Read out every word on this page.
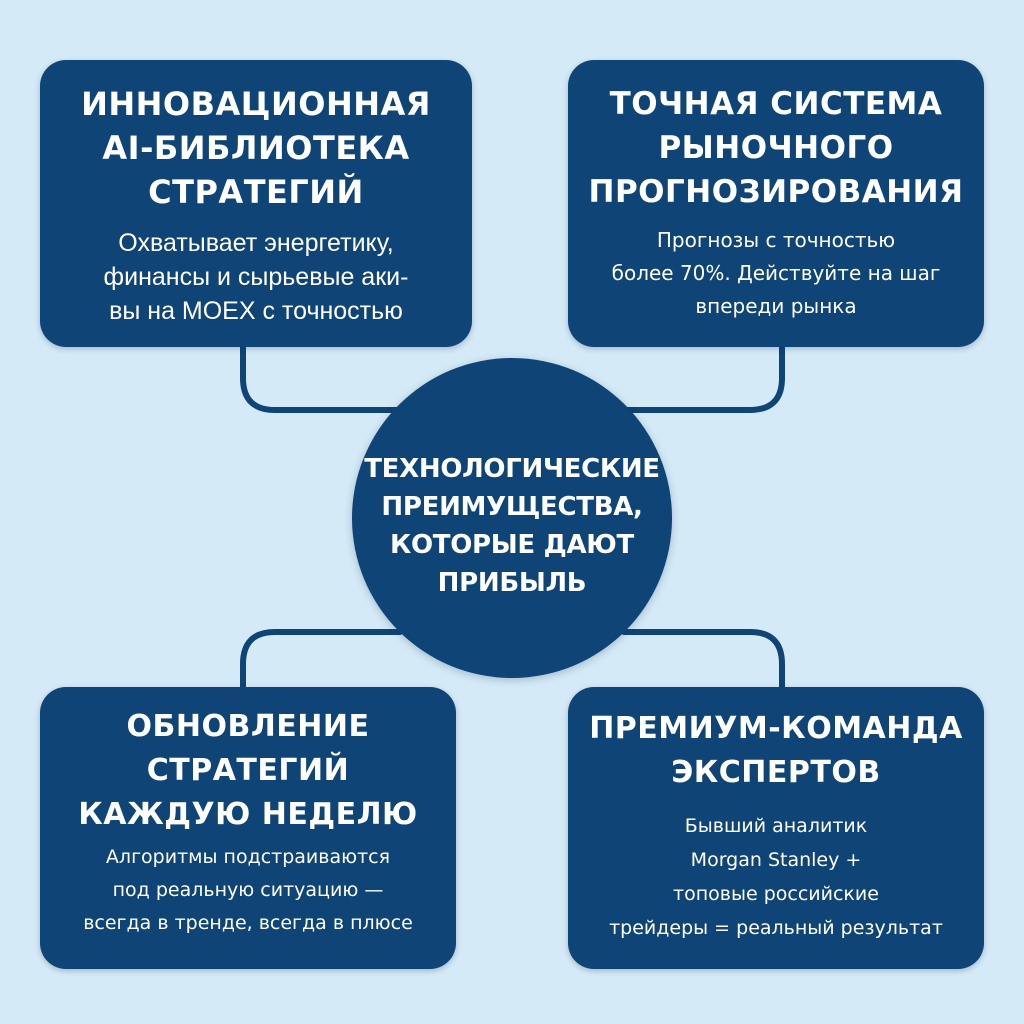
ИННОВАЦИОННАЯ
AI-БИБЛИОТЕКА
СТРАТЕГИЙ
Охватывает энергетику,
финансы и сырьевые аки-
вы на MOEX с точностью
ТОЧНАЯ СИСТЕМА
РЫНОЧНОГО
ПРОГНОЗИРОВАНИЯ
Прогнозы с точностью
более 70%. Действуйте на шаг
впереди рынка
ОБНОВЛЕНИЕ
СТРАТЕГИЙ
КАЖДУЮ НЕДЕЛЮ
Алгоритмы подстраиваются
под реальную ситуацию —
всегда в тренде, всегда в плюсе
ПРЕМИУМ-КОМАНДА
ЭКСПЕРТОВ
Бывший аналитик
Morgan Stanley +
топовые российские
трейдеры = реальный результат
ТЕХНОЛОГИЧЕСКИЕ
ПРЕИМУЩЕСТВА,
КОТОРЫЕ ДАЮТ
ПРИБЫЛЬ
